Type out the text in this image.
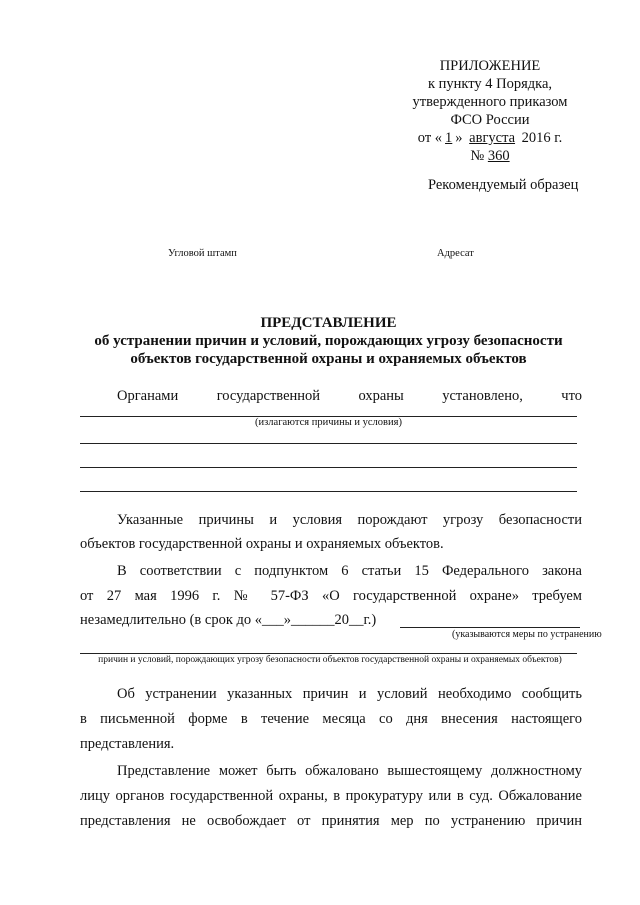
ПРИЛОЖЕНИЕ
к пункту 4 Порядка,
утвержденного приказом
ФСО России
от « 1 » августа 2016 г.
№ 360
Рекомендуемый образец
Угловой штамп	Адресат
ПРЕДСТАВЛЕНИЕ
об устранении причин и условий, порождающих угрозу безопасности
объектов государственной охраны и охраняемых объектов
Органами	государственной	охраны	установлено,	что
(излагаются причины и условия)
Указанные причины и условия порождают угрозу безопасности
объектов государственной охраны и охраняемых объектов.
В соответствии с подпунктом 6 статьи 15 Федерального закона
от 27 мая 1996 г. № 57-ФЗ «О государственной охране» требуем
незамедлительно (в срок до «___»______20__г.)
(указываются меры по устранению
причин и условий, порождающих угрозу безопасности объектов государственной охраны и охраняемых объектов)
Об устранении указанных причин и условий необходимо сообщить
в письменной форме в течение месяца со дня внесения настоящего
представления.
Представление может быть обжаловано вышестоящему должностному
лицу органов государственной охраны, в прокуратуру или в суд. Обжалование
представления не освобождает от принятия мер по устранению причин
